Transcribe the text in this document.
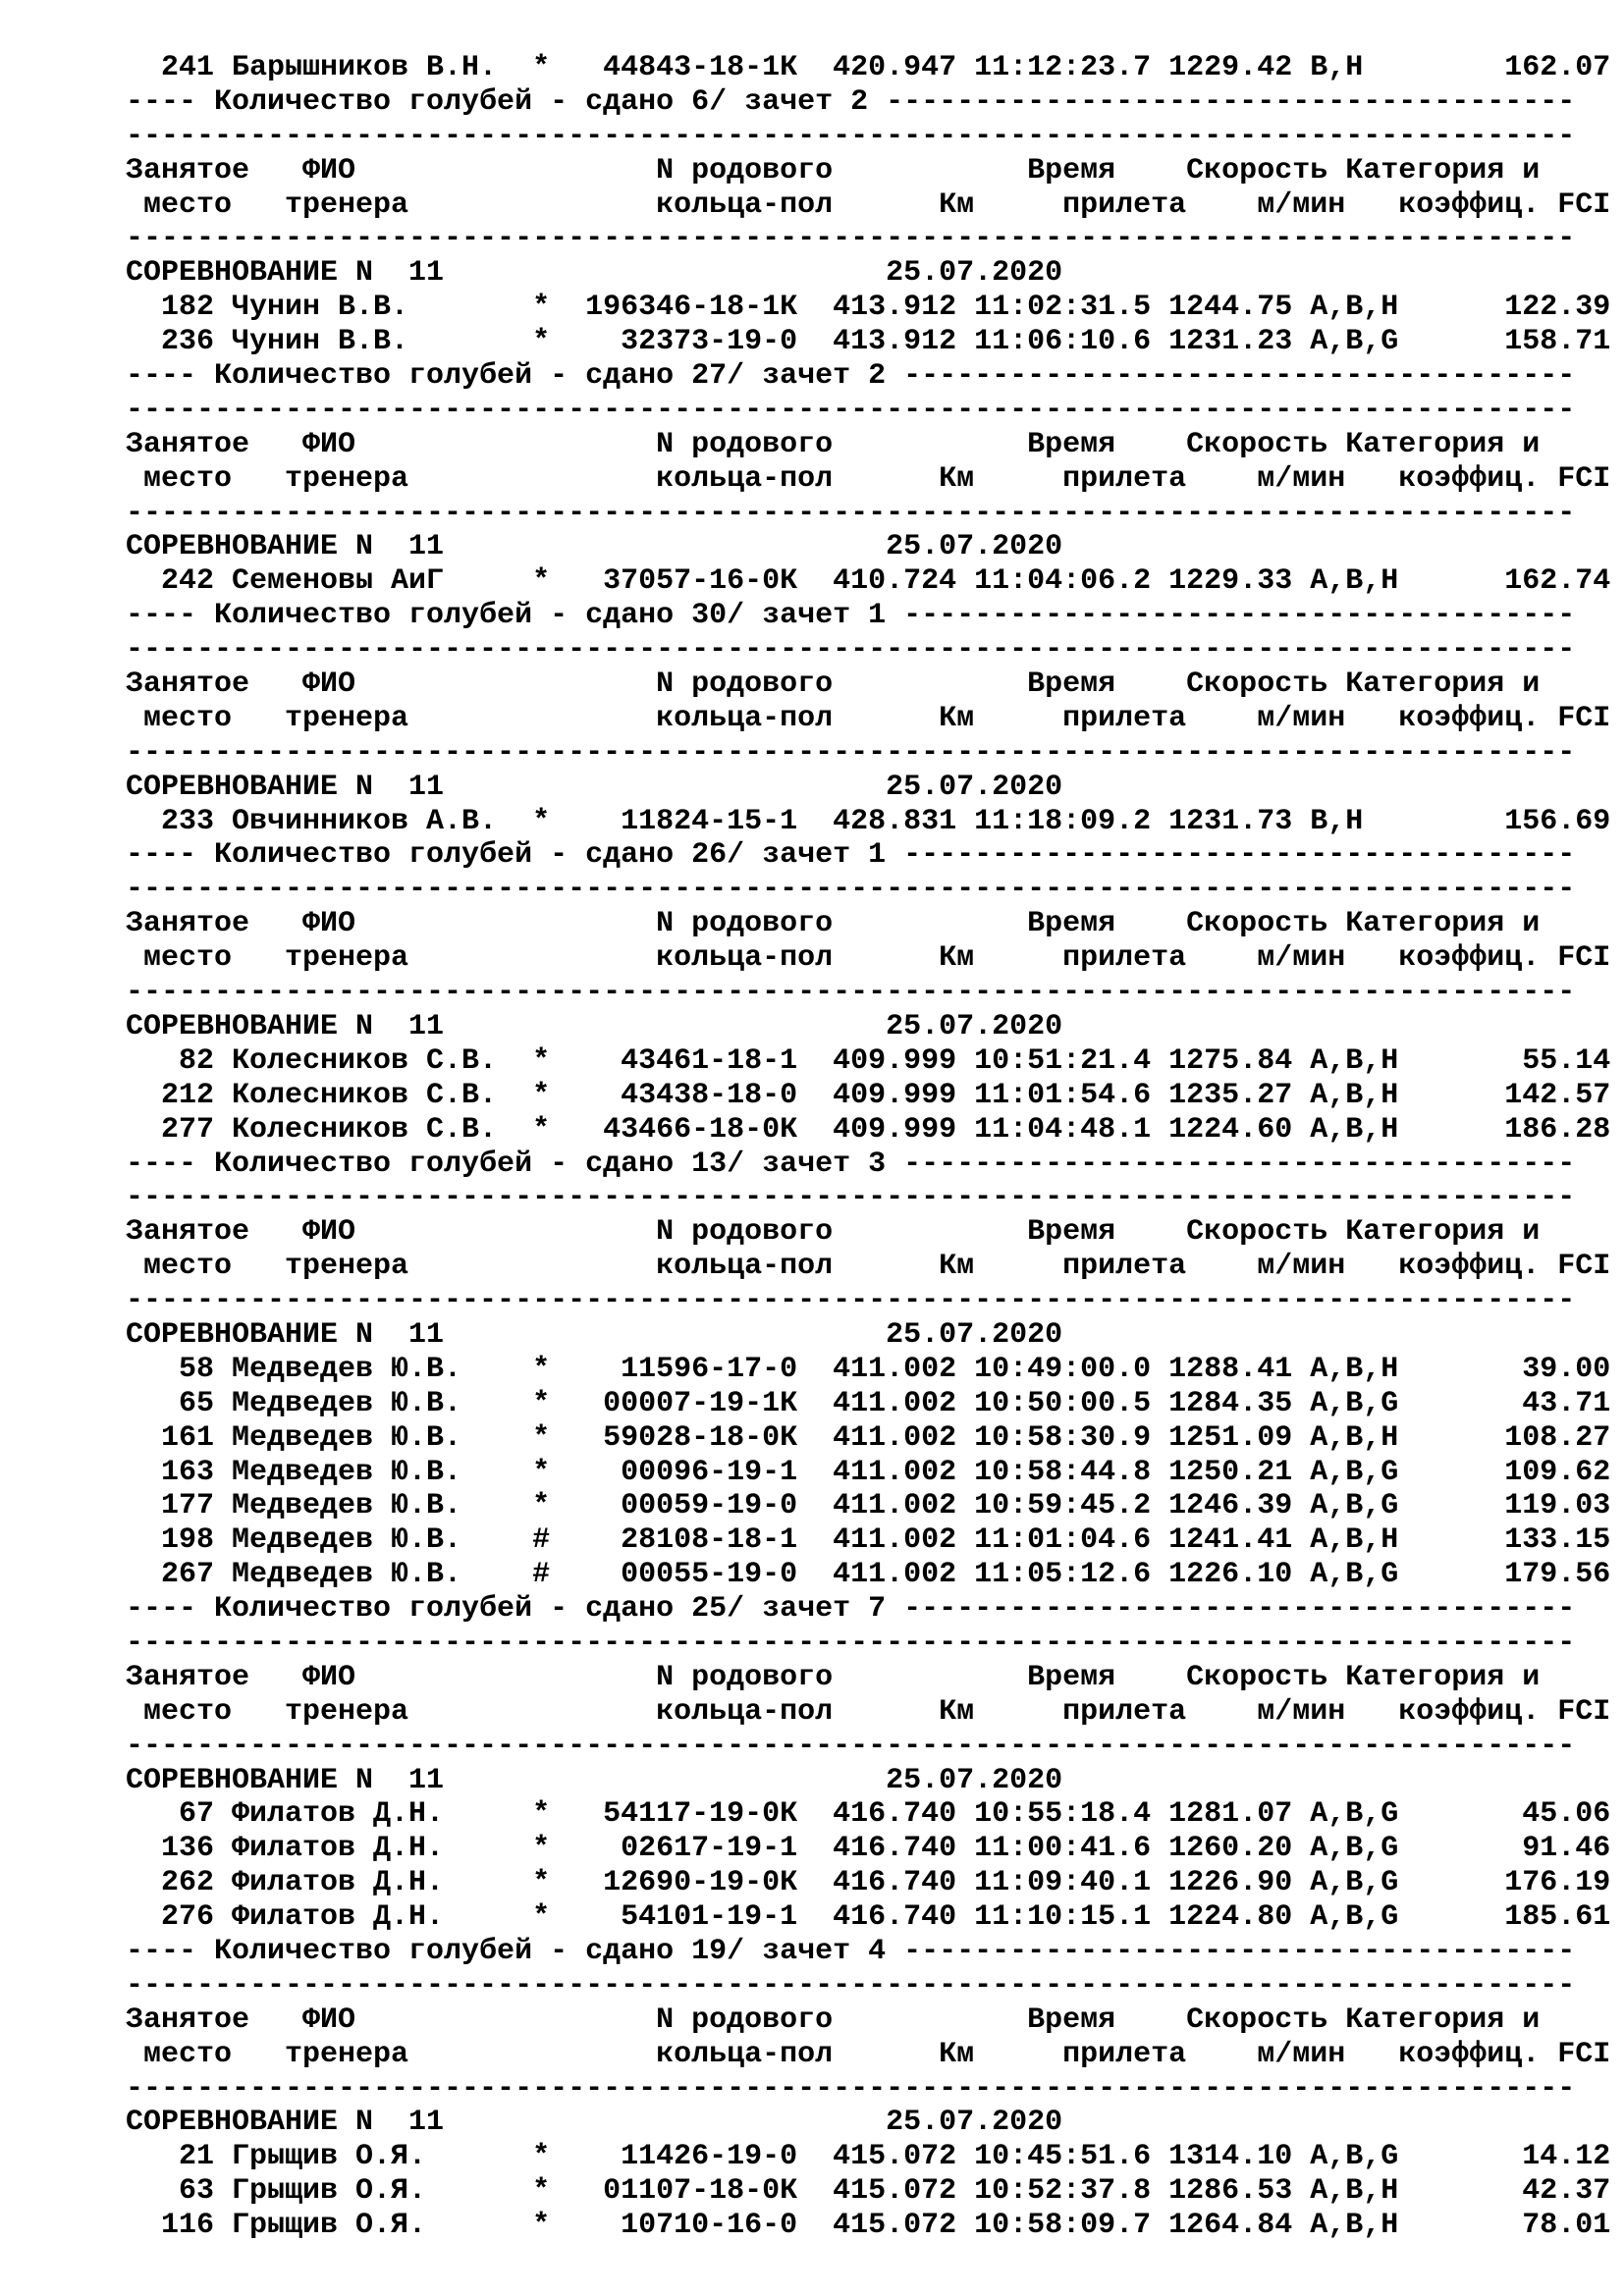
241 Барышников В.Н.  *   44843-18-1К  420.947 11:12:23.7 1229.42 В,Н        162.07
---- Количество голубей - сдано 6/ зачет 2 ---------------------------------------
----------------------------------------------------------------------------------
Занятое   ФИО                 N родового           Время    Скорость Категория и
место   тренера              кольца-пол      Км     прилета    м/мин   коэффиц. FCI
----------------------------------------------------------------------------------
СОРЕВНОВАНИЕ N  11                         25.07.2020
182 Чунин В.В.       *  196346-18-1К  413.912 11:02:31.5 1244.75 А,В,Н      122.39
236 Чунин В.В.       *    32373-19-0  413.912 11:06:10.6 1231.23 А,В,G      158.71
---- Количество голубей - сдано 27/ зачет 2 --------------------------------------
----------------------------------------------------------------------------------
Занятое   ФИО                 N родового           Время    Скорость Категория и
место   тренера              кольца-пол      Км     прилета    м/мин   коэффиц. FCI
----------------------------------------------------------------------------------
СОРЕВНОВАНИЕ N  11                         25.07.2020
242 Семеновы АиГ     *   37057-16-0К  410.724 11:04:06.2 1229.33 А,В,Н      162.74
---- Количество голубей - сдано 30/ зачет 1 --------------------------------------
----------------------------------------------------------------------------------
Занятое   ФИО                 N родового           Время    Скорость Категория и
место   тренера              кольца-пол      Км     прилета    м/мин   коэффиц. FCI
----------------------------------------------------------------------------------
СОРЕВНОВАНИЕ N  11                         25.07.2020
233 Овчинников А.В.  *    11824-15-1  428.831 11:18:09.2 1231.73 В,Н        156.69
---- Количество голубей - сдано 26/ зачет 1 --------------------------------------
----------------------------------------------------------------------------------
Занятое   ФИО                 N родового           Время    Скорость Категория и
место   тренера              кольца-пол      Км     прилета    м/мин   коэффиц. FCI
----------------------------------------------------------------------------------
СОРЕВНОВАНИЕ N  11                         25.07.2020
82 Колесников С.В.  *    43461-18-1  409.999 10:51:21.4 1275.84 А,В,Н       55.14
212 Колесников С.В.  *    43438-18-0  409.999 11:01:54.6 1235.27 А,В,Н      142.57
277 Колесников С.В.  *   43466-18-0К  409.999 11:04:48.1 1224.60 А,В,Н      186.28
---- Количество голубей - сдано 13/ зачет 3 --------------------------------------
----------------------------------------------------------------------------------
Занятое   ФИО                 N родового           Время    Скорость Категория и
место   тренера              кольца-пол      Км     прилета    м/мин   коэффиц. FCI
----------------------------------------------------------------------------------
СОРЕВНОВАНИЕ N  11                         25.07.2020
58 Медведев Ю.В.    *    11596-17-0  411.002 10:49:00.0 1288.41 А,В,Н       39.00
65 Медведев Ю.В.    *   00007-19-1К  411.002 10:50:00.5 1284.35 А,В,G       43.71
161 Медведев Ю.В.    *   59028-18-0К  411.002 10:58:30.9 1251.09 А,В,Н      108.27
163 Медведев Ю.В.    *    00096-19-1  411.002 10:58:44.8 1250.21 А,В,G      109.62
177 Медведев Ю.В.    *    00059-19-0  411.002 10:59:45.2 1246.39 А,В,G      119.03
198 Медведев Ю.В.    #    28108-18-1  411.002 11:01:04.6 1241.41 А,В,Н      133.15
267 Медведев Ю.В.    #    00055-19-0  411.002 11:05:12.6 1226.10 А,В,G      179.56
---- Количество голубей - сдано 25/ зачет 7 --------------------------------------
----------------------------------------------------------------------------------
Занятое   ФИО                 N родового           Время    Скорость Категория и
место   тренера              кольца-пол      Км     прилета    м/мин   коэффиц. FCI
----------------------------------------------------------------------------------
СОРЕВНОВАНИЕ N  11                         25.07.2020
67 Филатов Д.Н.     *   54117-19-0К  416.740 10:55:18.4 1281.07 А,В,G       45.06
136 Филатов Д.Н.     *    02617-19-1  416.740 11:00:41.6 1260.20 А,В,G       91.46
262 Филатов Д.Н.     *   12690-19-0К  416.740 11:09:40.1 1226.90 А,В,G      176.19
276 Филатов Д.Н.     *    54101-19-1  416.740 11:10:15.1 1224.80 А,В,G      185.61
---- Количество голубей - сдано 19/ зачет 4 --------------------------------------
----------------------------------------------------------------------------------
Занятое   ФИО                 N родового           Время    Скорость Категория и
место   тренера              кольца-пол      Км     прилета    м/мин   коэффиц. FCI
----------------------------------------------------------------------------------
СОРЕВНОВАНИЕ N  11                         25.07.2020
21 Грыщив О.Я.      *    11426-19-0  415.072 10:45:51.6 1314.10 А,В,G       14.12
63 Грыщив О.Я.      *   01107-18-0К  415.072 10:52:37.8 1286.53 А,В,Н       42.37
116 Грыщив О.Я.      *    10710-16-0  415.072 10:58:09.7 1264.84 А,В,Н       78.01
